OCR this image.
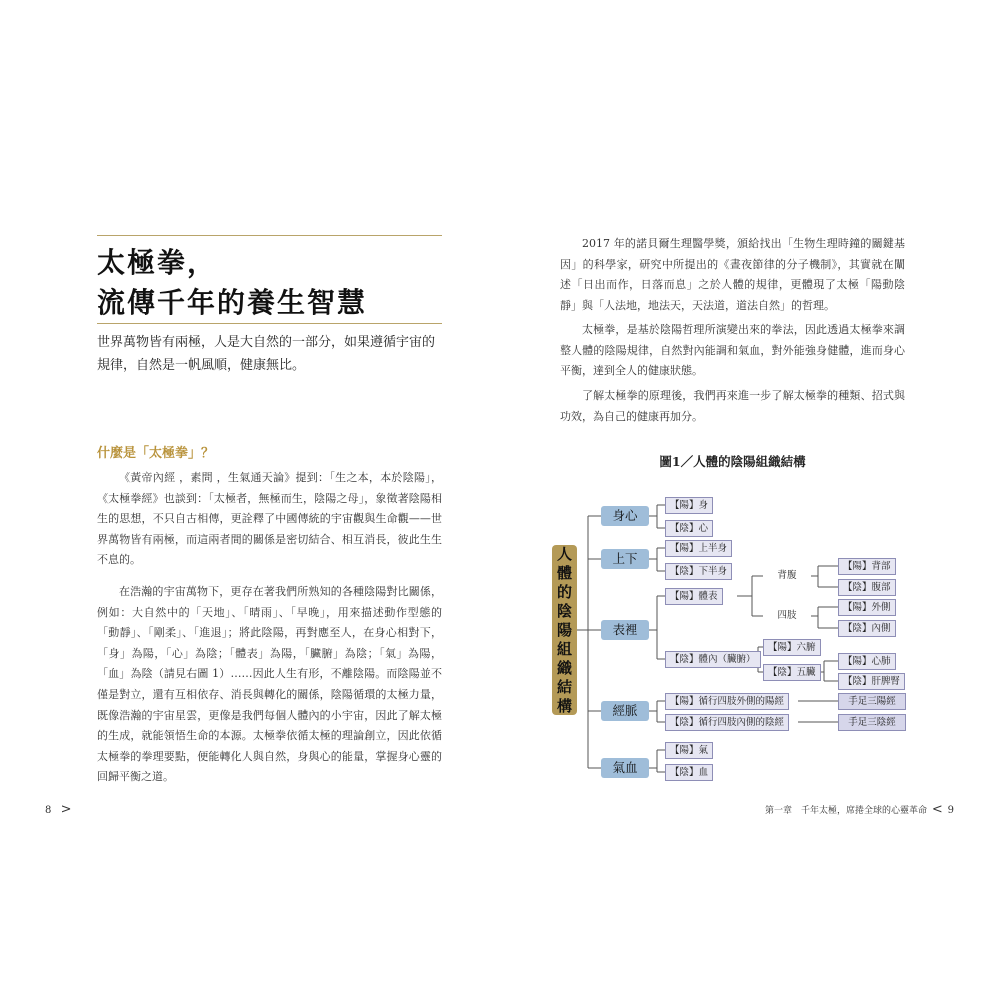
太極拳，
流傳千年的養生智慧
世界萬物皆有兩極，人是大自然的一部分，如果遵循宇宙的規律，自然是一帆風順，健康無比。
什麼是「太極拳」？
《黃帝內經 ，素問 ，生氣通天論》提到：「生之本，本於陰陽」，《太極拳經》也談到：「太極者，無極而生，陰陽之母」，象徵著陰陽相生的思想，不只自古相傳，更詮釋了中國傳統的宇宙觀與生命觀——世界萬物皆有兩極，而這兩者間的關係是密切結合、相互消長，彼此生生不息的。
在浩瀚的宇宙萬物下，更存在著我們所熟知的各種陰陽對比關係，例如：大自然中的「天地」、「晴雨」、「早晚」，用來描述動作型態的「動靜」、「剛柔」、「進退」；將此陰陽，再對應至人，在身心相對下，「身」為陽，「心」為陰；「體表」為陽，「臟腑」為陰；「氣」為陽，「血」為陰（請見右圖 1）……因此人生有形，不離陰陽。而陰陽並不僅是對立，還有互相依存、消長與轉化的關係，陰陽循環的太極力量，既像浩瀚的宇宙星雲，更像是我們每個人體內的小宇宙，因此了解太極的生成，就能領悟生命的本源。太極拳依循太極的理論創立，因此依循太極拳的拳理要點，便能轉化人與自然，身與心的能量，掌握身心靈的回歸平衡之道。
8 >
2017 年的諾貝爾生理醫學獎，頒給找出「生物生理時鐘的關鍵基因」的科學家，研究中所提出的《晝夜節律的分子機制》，其實就在闡述「日出而作，日落而息」之於人體的規律，更體現了太極「陽動陰靜」與「人法地，地法天，天法道，道法自然」的哲理。
太極拳，是基於陰陽哲理所演變出來的拳法，因此透過太極拳來調整人體的陰陽規律，自然對內能調和氣血，對外能強身健體，進而身心平衡，達到全人的健康狀態。
了解太極拳的原理後，我們再來進一步了解太極拳的種類、招式與功效，為自己的健康再加分。
圖1／人體的陰陽組織結構
人
體
的
陰
陽
組
織
結
構
身心
上下
表裡
經脈
氣血
【陽】身
【陰】心
【陽】上半身
【陰】下半身
【陽】體表
【陰】體內（臟腑）
背腹
四肢
【陽】背部
【陰】腹部
【陽】外側
【陰】內側
【陽】六腑
【陰】五臟
【陽】心肺
【陰】肝脾腎
【陽】循行四肢外側的陽經
【陰】循行四肢內側的陰經
手足三陽經
手足三陰經
【陽】氣
【陰】血
第一章　千年太極，席捲全球的心靈革命 < 9
